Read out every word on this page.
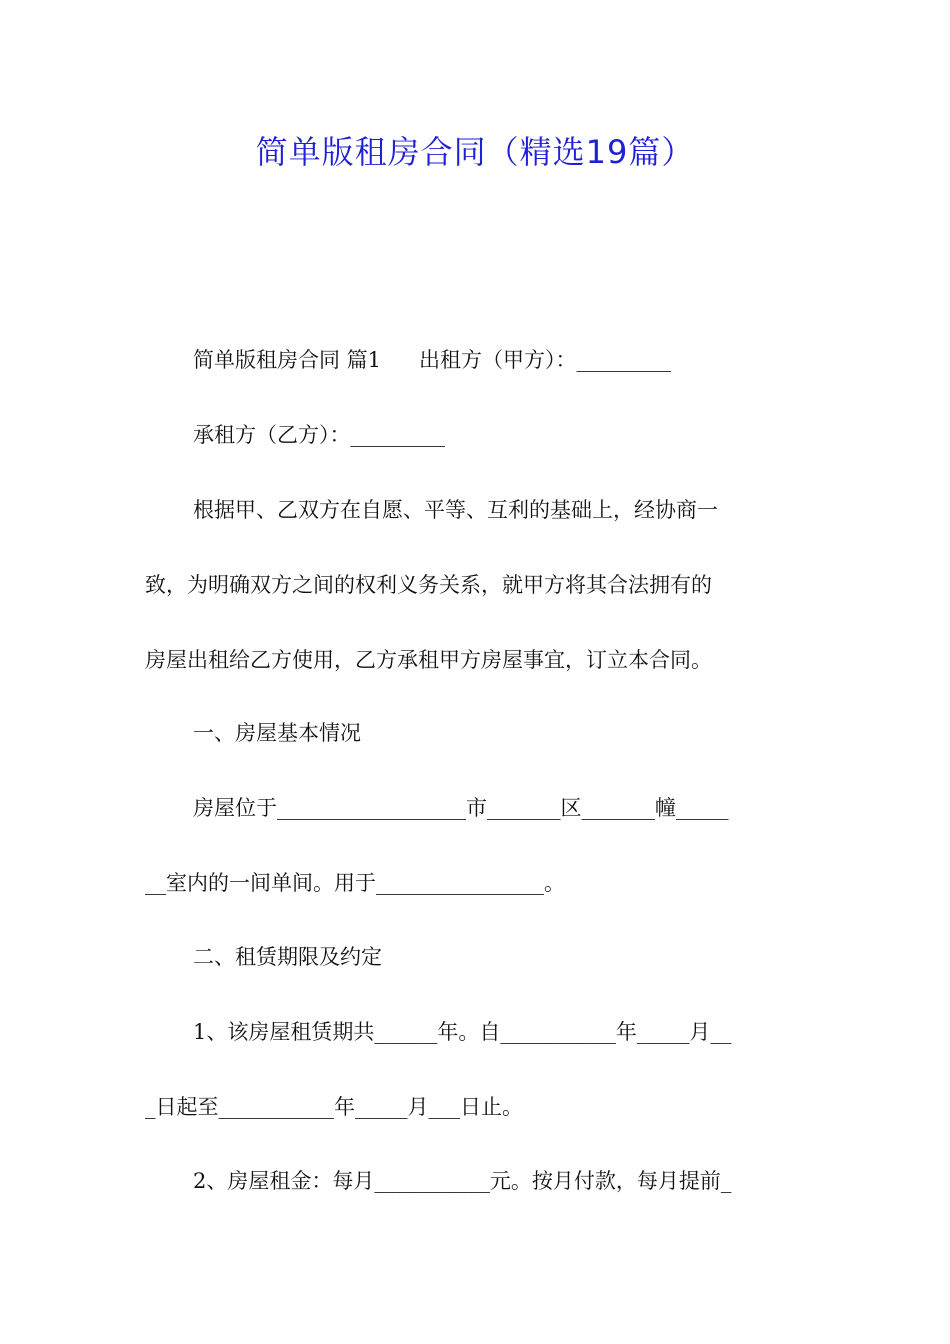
简单版租房合同（精选19篇）

简单版租房合同 篇1 出租方（甲方）：_________

承租方（乙方）：_________

根据甲、乙双方在自愿、平等、互利的基础上，经协商一

致，为明确双方之间的权利义务关系，就甲方将其合法拥有的

房屋出租给乙方使用，乙方承租甲方房屋事宜，订立本合同。

一、房屋基本情况

房屋位于__________________市_______区_______幢_____

__室内的一间单间。用于________________。

二、租赁期限及约定

1、该房屋租赁期共______年。自___________年_____月__

_日起至___________年_____月___日止。

2、房屋租金：每月___________元。按月付款，每月提前_
